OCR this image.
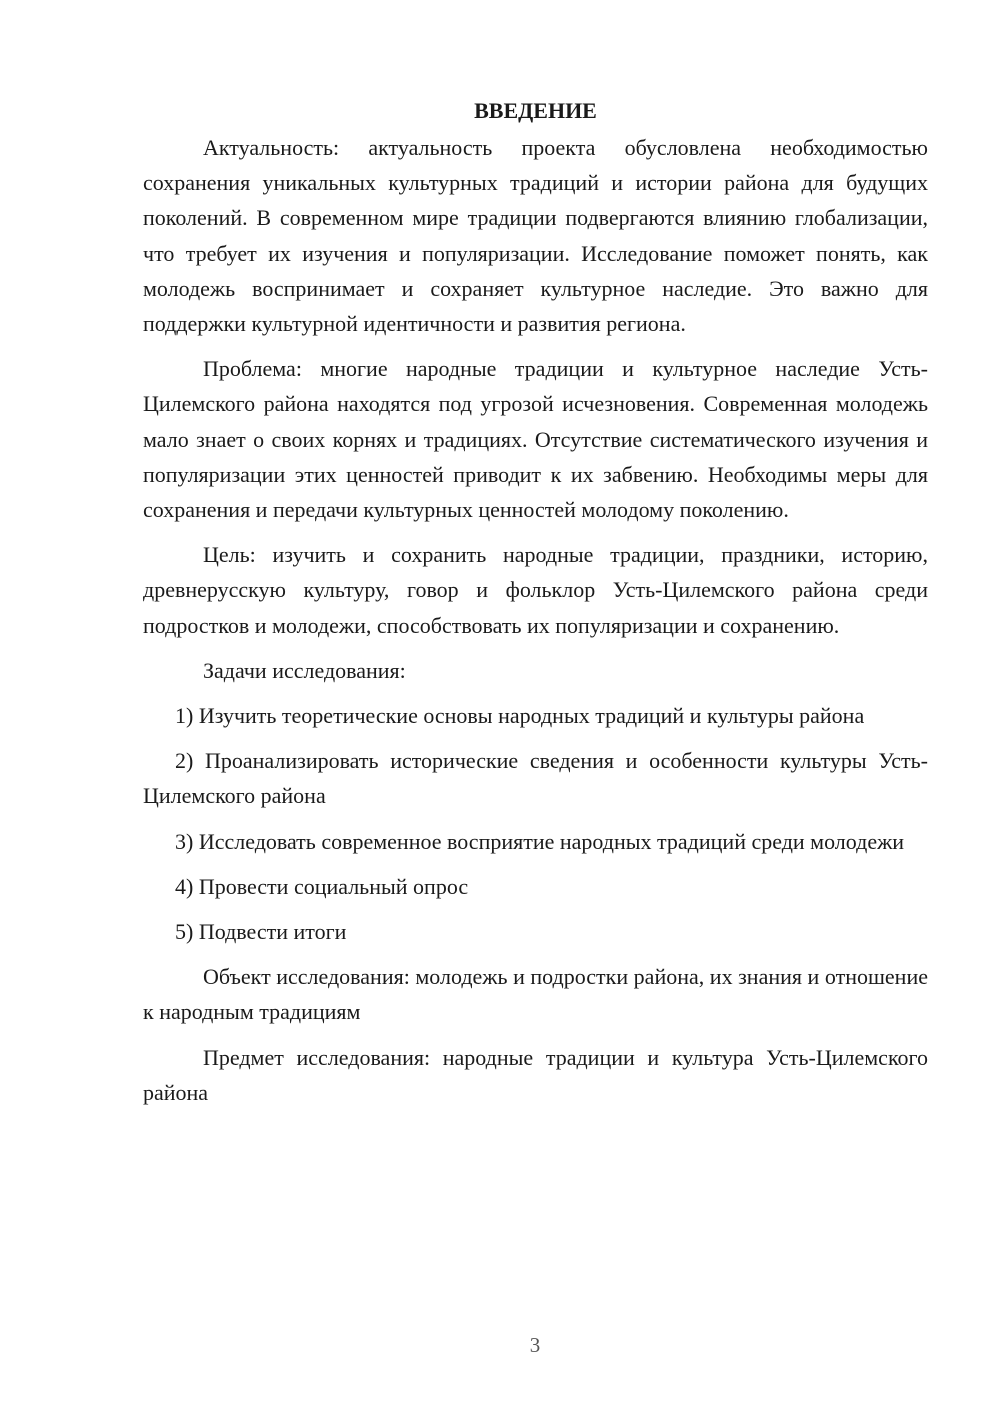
ВВЕДЕНИЕ

Актуальность: актуальность проекта обусловлена необходимостью сохранения уникальных культурных традиций и истории района для будущих поколений. В современном мире традиции подвергаются влиянию глобализации, что требует их изучения и популяризации. Исследование поможет понять, как молодежь воспринимает и сохраняет культурное наследие. Это важно для поддержки культурной идентичности и развития региона.

Проблема: многие народные традиции и культурное наследие Усть-Цилемского района находятся под угрозой исчезновения. Современная молодежь мало знает о своих корнях и традициях. Отсутствие систематического изучения и популяризации этих ценностей приводит к их забвению. Необходимы меры для сохранения и передачи культурных ценностей молодому поколению.

Цель: изучить и сохранить народные традиции, праздники, историю, древнерусскую культуру, говор и фольклор Усть-Цилемского района среди подростков и молодежи, способствовать их популяризации и сохранению.

Задачи исследования:

1) Изучить теоретические основы народных традиций и культуры района

2) Проанализировать исторические сведения и особенности культуры Усть-Цилемского района

3) Исследовать современное восприятие народных традиций среди молодежи

4) Провести социальный опрос

5) Подвести итоги

Объект исследования: молодежь и подростки района, их знания и отношение к народным традициям

Предмет исследования: народные традиции и культура Усть-Цилемского района

3
